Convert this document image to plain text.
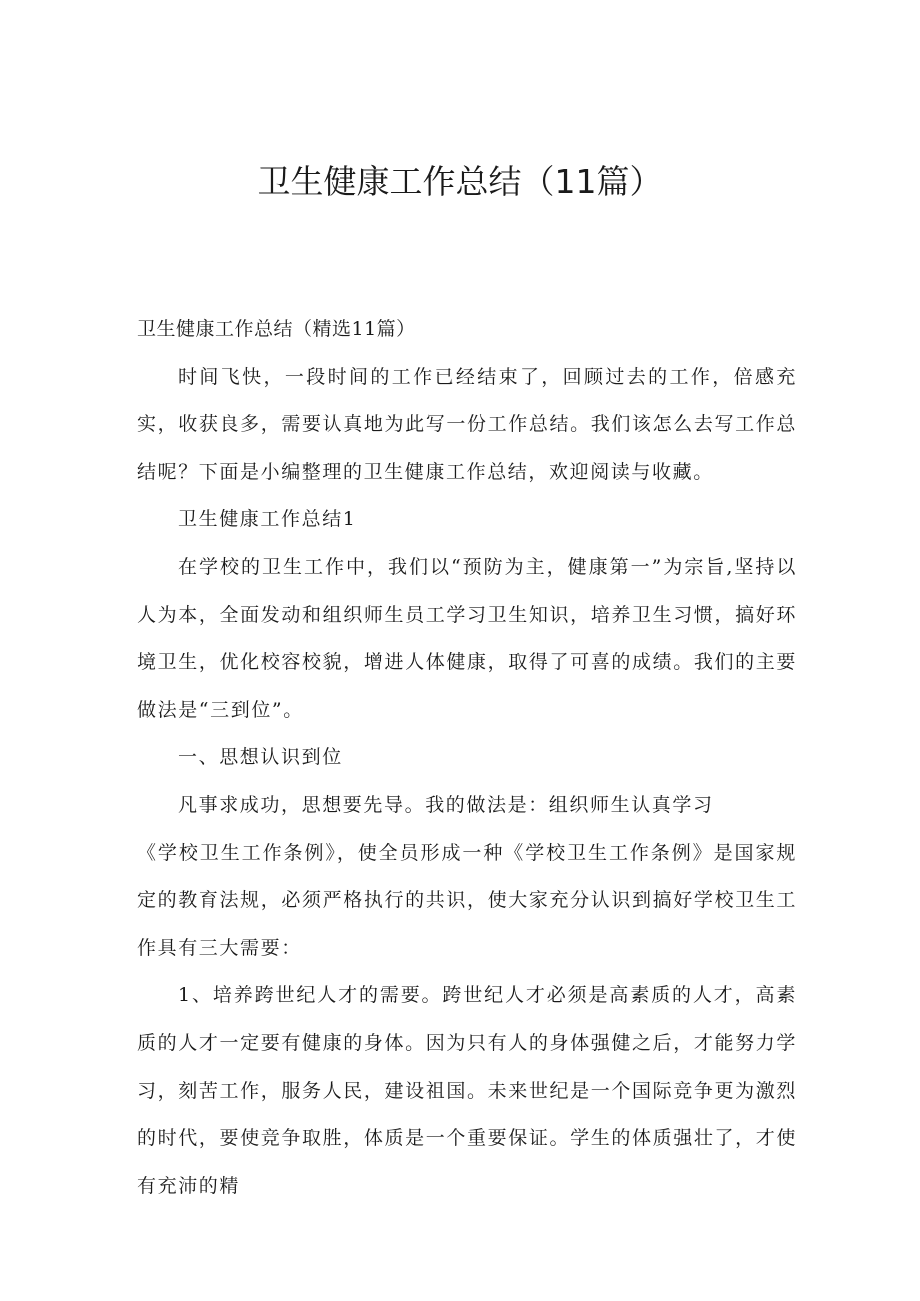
卫生健康工作总结（11篇）

卫生健康工作总结（精选11篇）

时间飞快，一段时间的工作已经结束了，回顾过去的工作，倍感充实，收获良多，需要认真地为此写一份工作总结。我们该怎么去写工作总结呢？下面是小编整理的卫生健康工作总结，欢迎阅读与收藏。

卫生健康工作总结1

在学校的卫生工作中，我们以“预防为主，健康第一”为宗旨,坚持以人为本，全面发动和组织师生员工学习卫生知识，培养卫生习惯，搞好环境卫生，优化校容校貌，增进人体健康，取得了可喜的成绩。我们的主要做法是“三到位”。

一、思想认识到位

凡事求成功，思想要先导。我的做法是：组织师生认真学习

《学校卫生工作条例》，使全员形成一种《学校卫生工作条例》是国家规定的教育法规，必须严格执行的共识，使大家充分认识到搞好学校卫生工作具有三大需要：

1、培养跨世纪人才的需要。跨世纪人才必须是高素质的人才，高素质的人才一定要有健康的身体。因为只有人的身体强健之后，才能努力学习，刻苦工作，服务人民，建设祖国。未来世纪是一个国际竞争更为激烈的时代，要使竞争取胜，体质是一个重要保证。学生的体质强壮了，才使有充沛的精
